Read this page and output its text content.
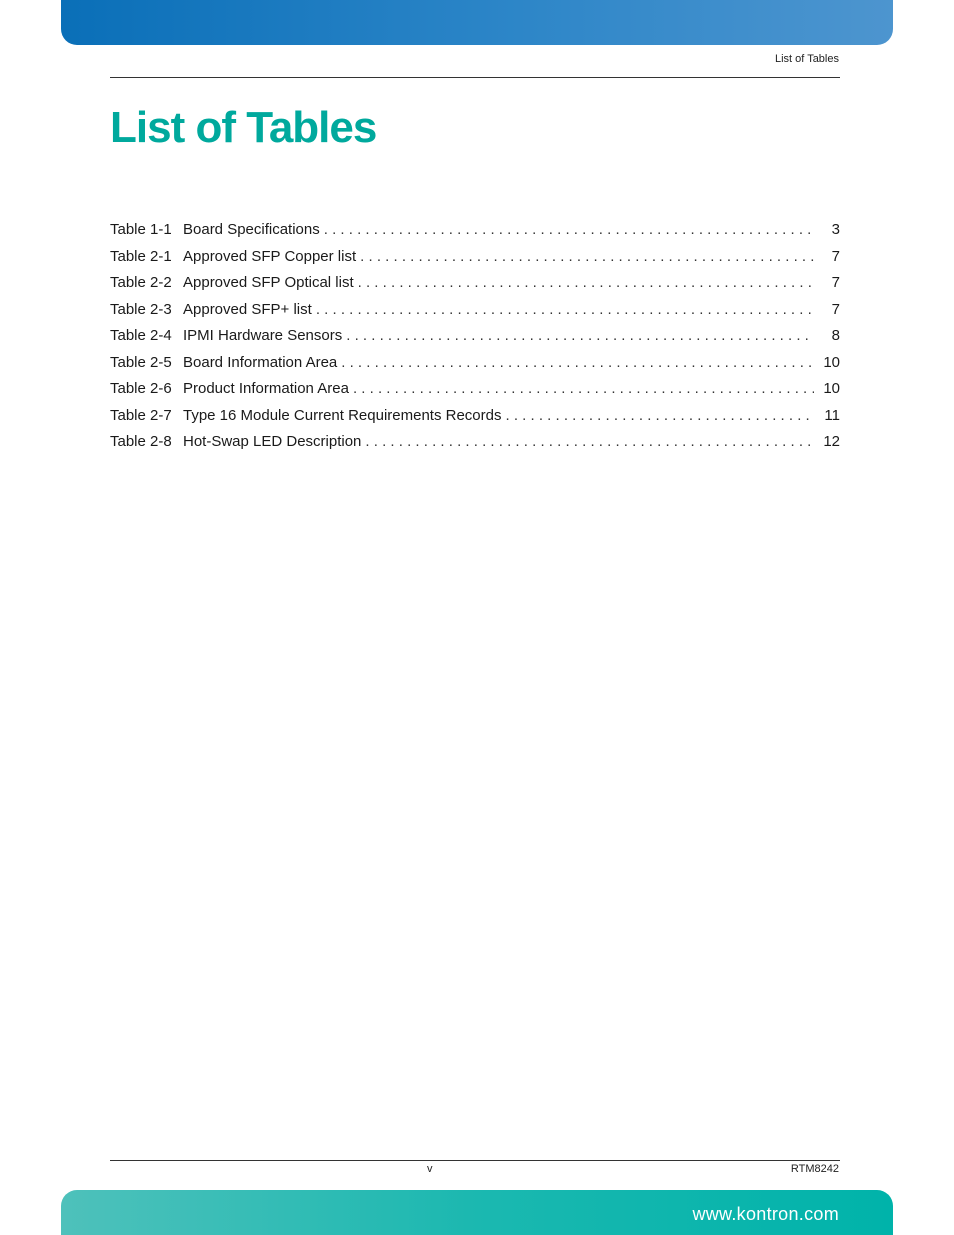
List of Tables
List of Tables
Table 1-1 Board Specifications . . .	3
Table 2-1 Approved SFP Copper list . . .	7
Table 2-2 Approved SFP Optical list . . .	7
Table 2-3 Approved SFP+ list . . .	7
Table 2-4 IPMI Hardware Sensors . . .	8
Table 2-5 Board Information Area . . .	10
Table 2-6 Product Information Area . . .	10
Table 2-7 Type 16 Module Current Requirements Records . . .	11
Table 2-8 Hot-Swap LED Description . . .	12
v	RTM8242
www.kontron.com
